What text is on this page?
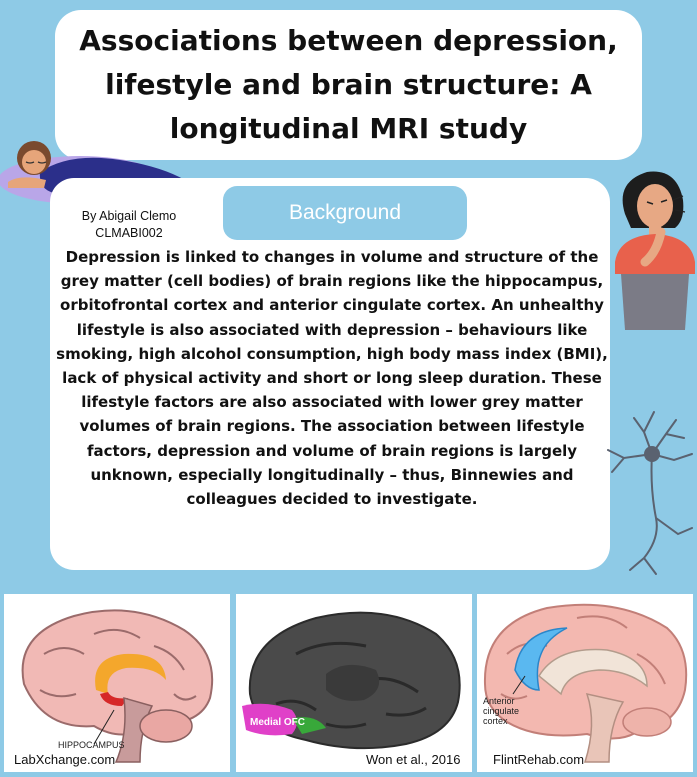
Associations between depression, lifestyle and brain structure: A longitudinal MRI study
By Abigail Clemo
CLMABI002
Background

Depression is linked to changes in volume and structure of the grey matter (cell bodies) of brain regions like the hippocampus, orbitofrontal cortex and anterior cingulate cortex. An unhealthy lifestyle is also associated with depression – behaviours like smoking, high alcohol consumption, high body mass index (BMI), lack of physical activity and short or long sleep duration. These lifestyle factors are also associated with lower grey matter volumes of brain regions. The association between lifestyle factors, depression and volume of brain regions is largely unknown, especially longitudinally – thus, Binnewies and colleagues decided to investigate.

HIPPOCAMPUS
LabXchange.com
Medial OFC
Won et al., 2016
Anterior
cingulate
cortex
FlintRehab.com
